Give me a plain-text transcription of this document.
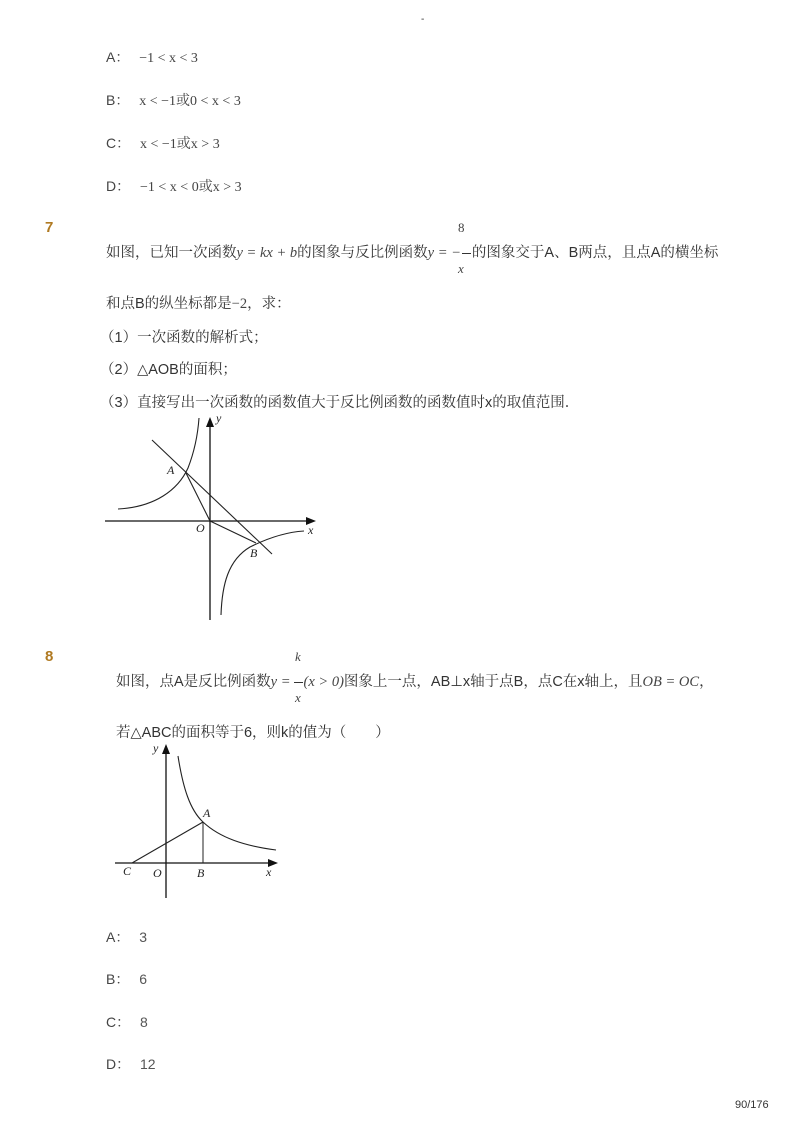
-
A： −1 < x < 3
B： x < −1或0 < x < 3
C： x < −1或x > 3
D： −1 < x < 0或x > 3
7	8
x
如图，已知一次函数y = kx + b的图象与反比例函数y = − 的图象交于A、B两点，且点A的横坐标
和点B的纵坐标都是−2，求：
（1）一次函数的解析式；
（2）△AOB的面积；
（3）直接写出一次函数的函数值大于反比例函数的函数值时x的取值范围．
y
x
O
A
B
8	k
x
如图，点A是反比例函数y = (x > 0)图象上一点，AB⊥x轴于点B，点C在x轴上，且OB = OC，
若△ABC的面积等于6，则k的值为（　　）
y
x
O
A
B
C
A： 3
B： 6
C： 8
D： 12
90/176
